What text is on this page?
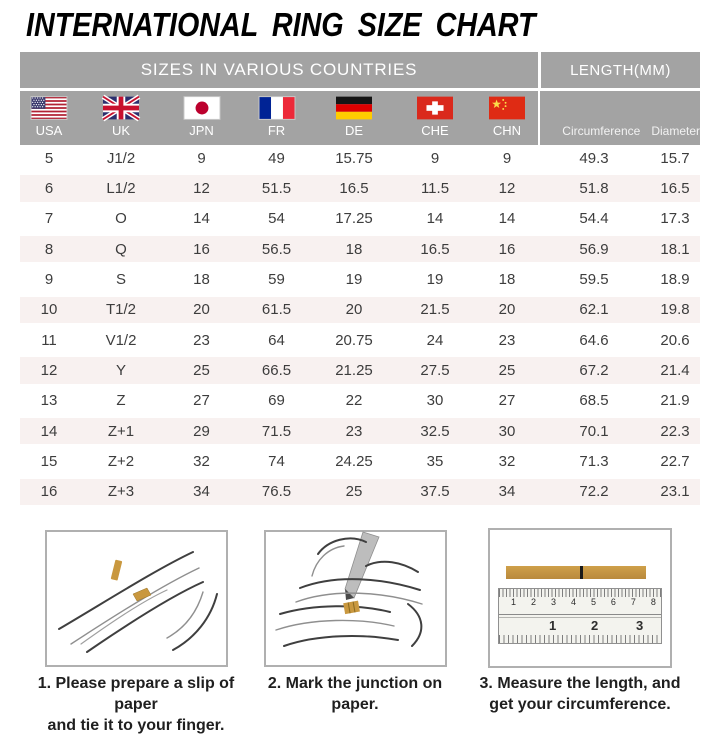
INTERNATIONAL RING SIZE CHART
SIZES IN VARIOUS COUNTRIES	LENGTH(MM)
USA	UK	JPN	FR	DE	CHE	CHN	Circumference Diameter
5	J1/2	9	49	15.75	9	9	49.3	15.7
6	L1/2	12	51.5	16.5	11.5	12	51.8	16.5
7	O	14	54	17.25	14	14	54.4	17.3
8	Q	16	56.5	18	16.5	16	56.9	18.1
9	S	18	59	19	19	18	59.5	18.9
10	T1/2	20	61.5	20	21.5	20	62.1	19.8
11	V1/2	23	64	20.75	24	23	64.6	20.6
12	Y	25	66.5	21.25	27.5	25	67.2	21.4
13	Z	27	69	22	30	27	68.5	21.9
14	Z+1	29	71.5	23	32.5	30	70.1	22.3
15	Z+2	32	74	24.25	35	32	71.3	22.7
16	Z+3	34	76.5	25	37.5	34	72.2	23.1
1 2 3 4 5 6 7 8
1	2	3
1. Please prepare a slip of paper
and tie it to your finger.
2. Mark the junction on paper.
3. Measure the length, and
get your circumference.
